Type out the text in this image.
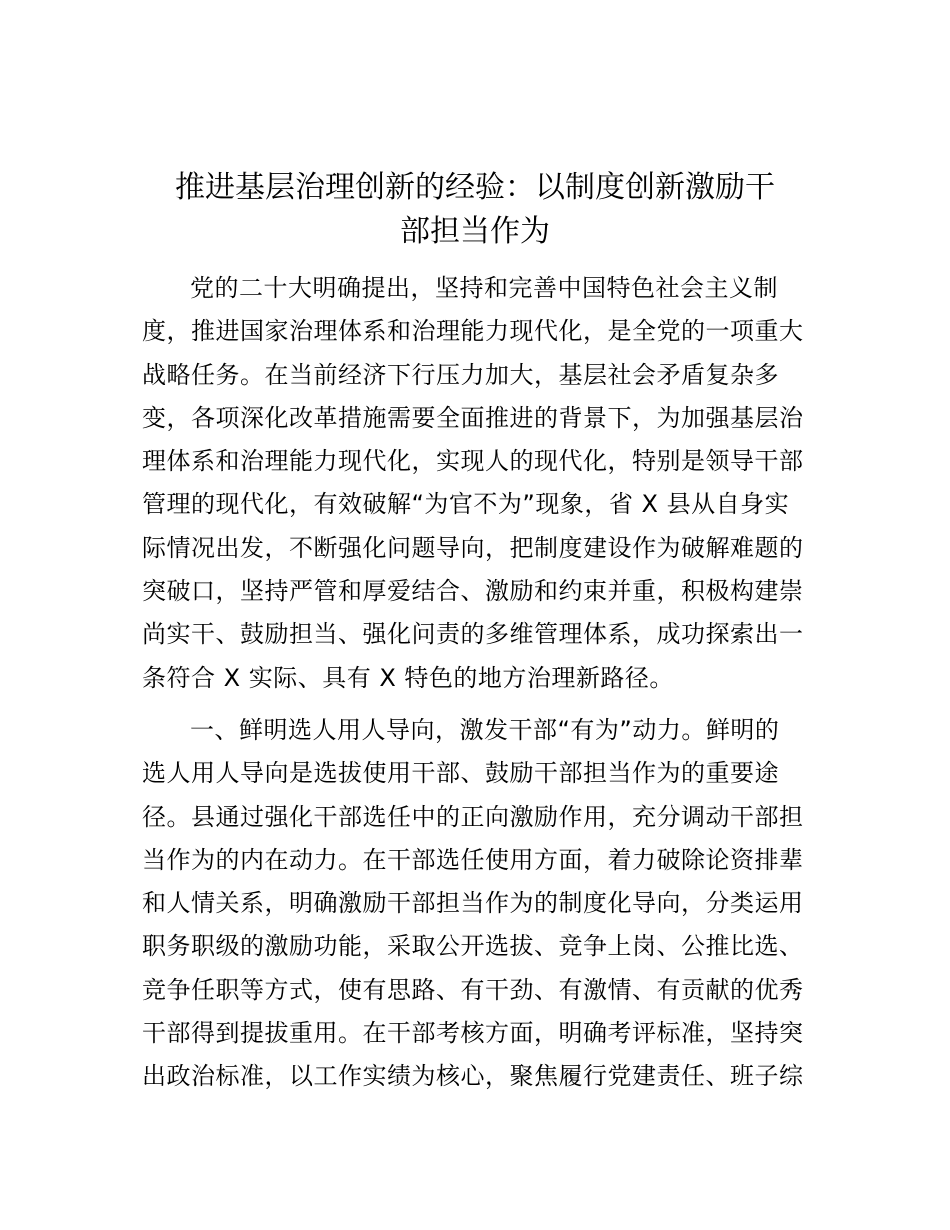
推进基层治理创新的经验：以制度创新激励干
部担当作为
党的二十大明确提出，坚持和完善中国特色社会主义制
度，推进国家治理体系和治理能力现代化，是全党的一项重大
战略任务。在当前经济下行压力加大，基层社会矛盾复杂多
变，各项深化改革措施需要全面推进的背景下，为加强基层治
理体系和治理能力现代化，实现人的现代化，特别是领导干部
管理的现代化，有效破解“为官不为”现象，省 X 县从自身实
际情况出发，不断强化问题导向，把制度建设作为破解难题的
突破口，坚持严管和厚爱结合、激励和约束并重，积极构建崇
尚实干、鼓励担当、强化问责的多维管理体系，成功探索出一
条符合 X 实际、具有 X 特色的地方治理新路径。
一、鲜明选人用人导向，激发干部“有为”动力。鲜明的
选人用人导向是选拔使用干部、鼓励干部担当作为的重要途
径。县通过强化干部选任中的正向激励作用，充分调动干部担
当作为的内在动力。在干部选任使用方面，着力破除论资排辈
和人情关系，明确激励干部担当作为的制度化导向，分类运用
职务职级的激励功能，采取公开选拔、竞争上岗、公推比选、
竞争任职等方式，使有思路、有干劲、有激情、有贡献的优秀
干部得到提拔重用。在干部考核方面，明确考评标准，坚持突
出政治标准，以工作实绩为核心，聚焦履行党建责任、班子综
